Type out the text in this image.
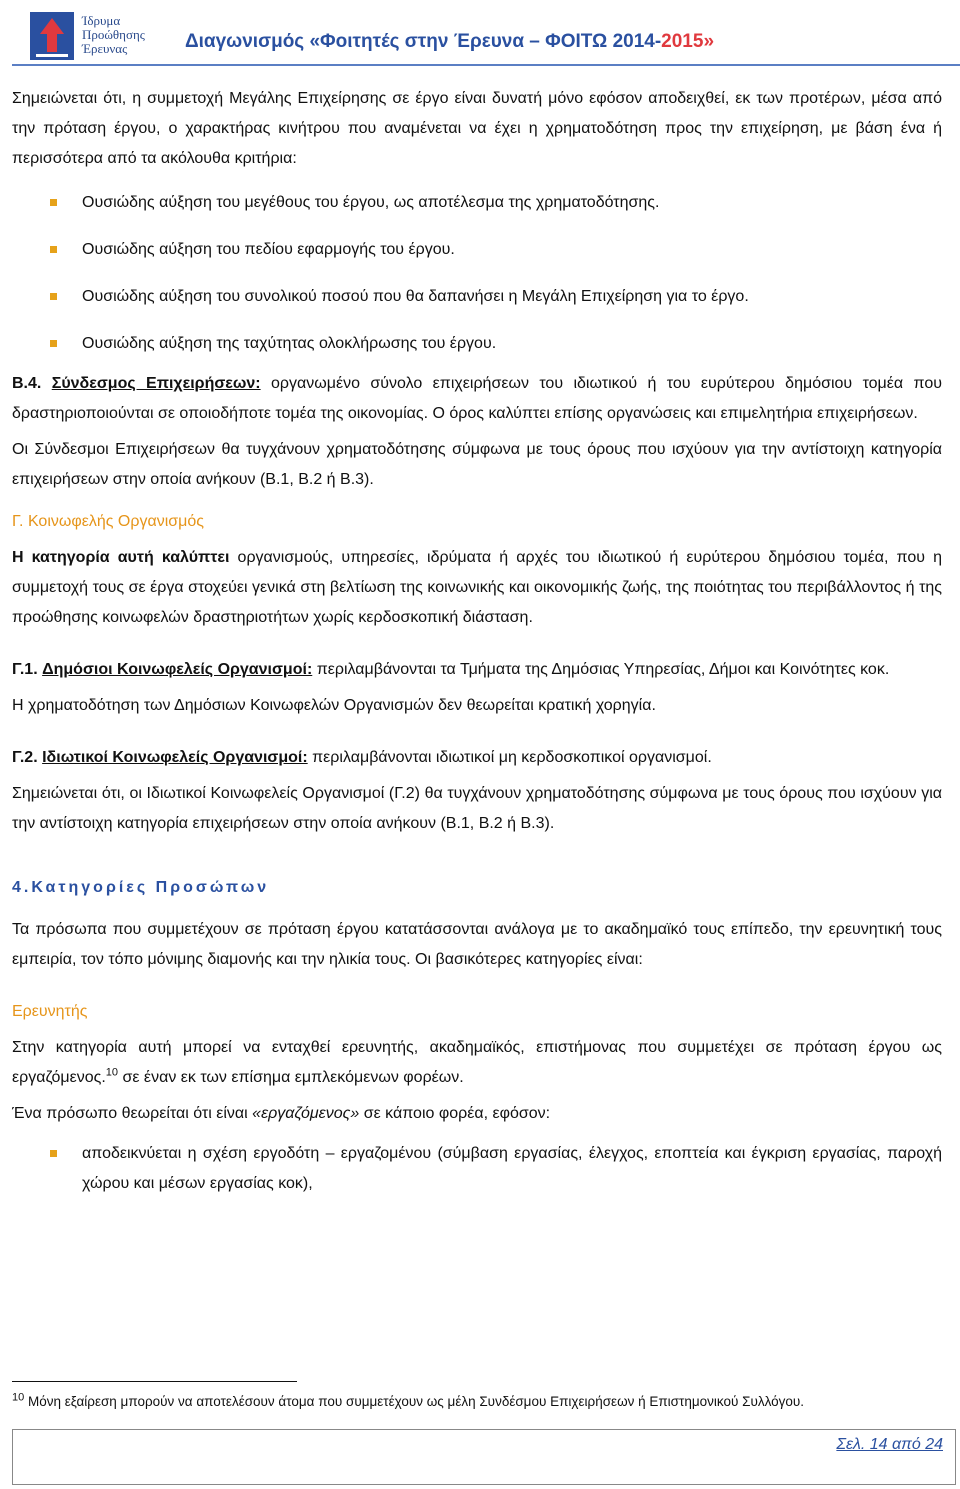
Ίδρυμα
Προώθησης
Έρευνας	Διαγωνισμός «Φοιτητές στην Έρευνα – ΦΟΙΤΩ 2014-2015»

Σημειώνεται ότι, η συμμετοχή Μεγάλης Επιχείρησης σε έργο είναι δυνατή μόνο εφόσον αποδειχθεί, εκ των προτέρων, μέσα από την πρόταση έργου, ο χαρακτήρας κινήτρου που αναμένεται να έχει η χρηματοδότηση προς την επιχείρηση, με βάση ένα ή περισσότερα από τα ακόλουθα κριτήρια:

Ουσιώδης αύξηση του μεγέθους του έργου, ως αποτέλεσμα της χρηματοδότησης.
Ουσιώδης αύξηση του πεδίου εφαρμογής του έργου.
Ουσιώδης αύξηση του συνολικού ποσού που θα δαπανήσει η Μεγάλη Επιχείρηση για το έργο.
Ουσιώδης αύξηση της ταχύτητας ολοκλήρωσης του έργου.

Β.4. Σύνδεσμος Επιχειρήσεων: οργανωμένο σύνολο επιχειρήσεων του ιδιωτικού ή του ευρύτερου δημόσιου τομέα που δραστηριοποιούνται σε οποιοδήποτε τομέα της οικονομίας. Ο όρος καλύπτει επίσης οργανώσεις και επιμελητήρια επιχειρήσεων.

Οι Σύνδεσμοι Επιχειρήσεων θα τυγχάνουν χρηματοδότησης σύμφωνα με τους όρους που ισχύουν για την αντίστοιχη κατηγορία επιχειρήσεων στην οποία ανήκουν (Β.1, Β.2 ή Β.3).

Γ. Κοινωφελής Οργανισμός

Η κατηγορία αυτή καλύπτει οργανισμούς, υπηρεσίες, ιδρύματα ή αρχές του ιδιωτικού ή ευρύτερου δημόσιου τομέα, που η συμμετοχή τους σε έργα στοχεύει γενικά στη βελτίωση της κοινωνικής και οικονομικής ζωής, της ποιότητας του περιβάλλοντος ή της προώθησης κοινωφελών δραστηριοτήτων χωρίς κερδοσκοπική διάσταση.

Γ.1. Δημόσιοι Κοινωφελείς Οργανισμοί: περιλαμβάνονται τα Τμήματα της Δημόσιας Υπηρεσίας, Δήμοι και Κοινότητες κοκ.

Η χρηματοδότηση των Δημόσιων Κοινωφελών Οργανισμών δεν θεωρείται κρατική χορηγία.

Γ.2. Ιδιωτικοί Κοινωφελείς Οργανισμοί: περιλαμβάνονται ιδιωτικοί μη κερδοσκοπικοί οργανισμοί.

Σημειώνεται ότι, οι Ιδιωτικοί Κοινωφελείς Οργανισμοί (Γ.2) θα τυγχάνουν χρηματοδότησης σύμφωνα με τους όρους που ισχύουν για την αντίστοιχη κατηγορία επιχειρήσεων στην οποία ανήκουν (Β.1, Β.2 ή Β.3).

4.Κατηγορίες Προσώπων

Τα πρόσωπα που συμμετέχουν σε πρόταση έργου κατατάσσονται ανάλογα με το ακαδημαϊκό τους επίπεδο, την ερευνητική τους εμπειρία, τον τόπο μόνιμης διαμονής και την ηλικία τους. Οι βασικότερες κατηγορίες είναι:

Ερευνητής

Στην κατηγορία αυτή μπορεί να ενταχθεί ερευνητής, ακαδημαϊκός, επιστήμονας που συμμετέχει σε πρόταση έργου ως εργαζόμενος.$^{10}$ σε έναν εκ των επίσημα εμπλεκόμενων φορέων.

Ένα πρόσωπο θεωρείται ότι είναι «εργαζόμενος» σε κάποιο φορέα, εφόσον:

αποδεικνύεται η σχέση εργοδότη – εργαζομένου (σύμβαση εργασίας, έλεγχος, εποπτεία και έγκριση εργασίας, παροχή χώρου και μέσων εργασίας κοκ),
$^{10}$ Μόνη εξαίρεση μπορούν να αποτελέσουν άτομα που συμμετέχουν ως μέλη Συνδέσμου Επιχειρήσεων ή Επιστημονικού Συλλόγου.
Σελ. 14 από 24
